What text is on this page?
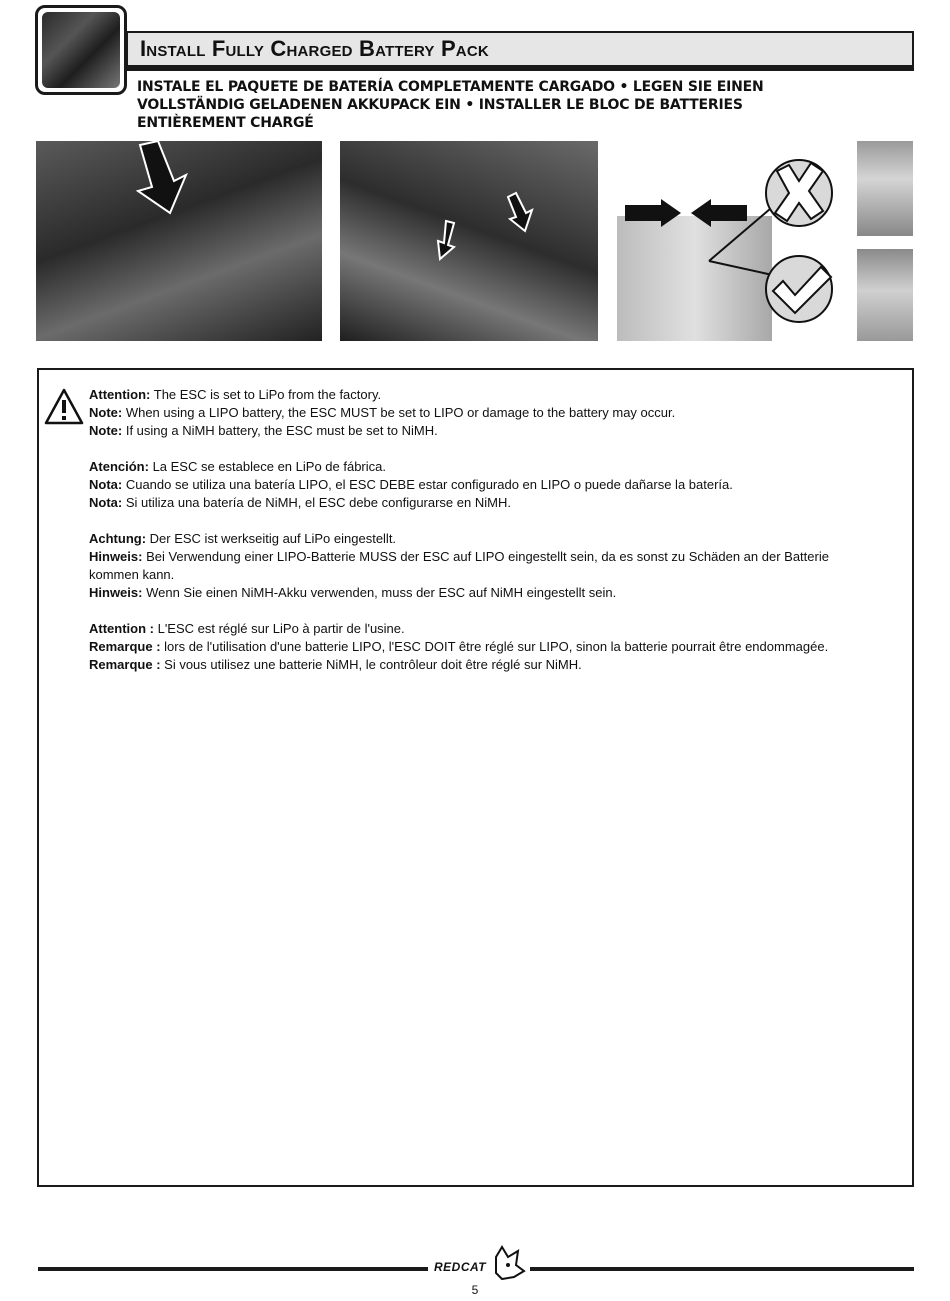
Install Fully Charged Battery Pack
INSTALE EL PAQUETE DE BATERÍA COMPLETAMENTE CARGADO • LEGEN SIE EINEN
VOLLSTÄNDIG GELADENEN AKKUPACK EIN • INSTALLER LE BLOC DE BATTERIES
ENTIÈREMENT CHARGÉ
Attention: The ESC is set to LiPo from the factory.
Note: When using a LIPO battery, the ESC MUST be set to LIPO or damage to the battery may occur.
Note: If using a NiMH battery, the ESC must be set to NiMH.
Atención: La ESC se establece en LiPo de fábrica.
Nota: Cuando se utiliza una batería LIPO, el ESC DEBE estar configurado en LIPO o puede dañarse la batería.
Nota: Si utiliza una batería de NiMH, el ESC debe configurarse en NiMH.
Achtung: Der ESC ist werkseitig auf LiPo eingestellt.
Hinweis: Bei Verwendung einer LIPO-Batterie MUSS der ESC auf LIPO eingestellt sein, da es sonst zu Schäden an der Batterie
kommen kann.
Hinweis: Wenn Sie einen NiMH-Akku verwenden, muss der ESC auf NiMH eingestellt sein.
Attention : L'ESC est réglé sur LiPo à partir de l'usine.
Remarque : lors de l'utilisation d'une batterie LIPO, l'ESC DOIT être réglé sur LIPO, sinon la batterie pourrait être endommagée.
Remarque : Si vous utilisez une batterie NiMH, le contrôleur doit être réglé sur NiMH.
REDCAT
5
